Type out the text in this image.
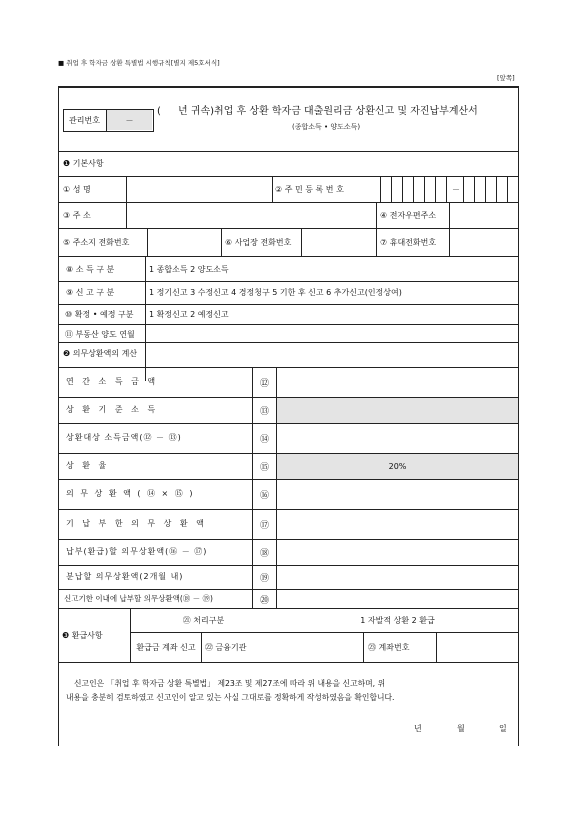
■ 취업 후 학자금 상환 특별법 시행규칙[별지 제5호서식]
[앞쪽]
관리번호	－
( 년 귀속)취업 후 상환 학자금 대출원리금 상환신고 및 자진납부계산서
(종합소득 • 양도소득)
❶ 기본사항
① 성 명	② 주 민 등 록 번 호	－
③ 주 소	④ 전자우편주소
⑤ 주소지 전화번호	⑥ 사업장 전화번호	⑦ 휴대전화번호
⑧ 소 득 구 분	1 종합소득 2 양도소득
⑨ 신 고 구 분	1 정기신고 3 수정신고 4 경정청구 5 기한 후 신고 6 추가신고(인정상여)
⑩ 확정 • 예정 구분 1 확정신고 2 예정신고
⑪ 부동산 양도 연월
❷ 의무상환액의 계산
연 간 소 득 금 액	⑫
상 환 기 준 소 득	⑬
상환대상 소득금액(⑫ － ⑬)	⑭
상 환 율	⑮	20%
의 무 상 환 액 ( ⑭ × ⑮ )	⑯
기 납 부 한 의 무 상 환 액	⑰
납부(환급)할 의무상환액(⑯ － ⑰)	⑱
분납할 의무상환액(2개월 내)	⑲
신고기한 이내에 납부할 의무상환액(⑱ － ⑲)	⑳
❸ 환급사항
㉑ 처리구분	1 자발적 상환 2 환급
환급금 계좌 신고	㉒ 금융기관	㉓ 계좌번호
신고인은 「취업 후 학자금 상환 특별법」 제23조 및 제27조에 따라 위 내용을 신고하며, 위
내용을 충분히 검토하였고 신고인이 알고 있는 사실 그대로를 정확하게 작성하였음을 확인합니다.
년	월	일
